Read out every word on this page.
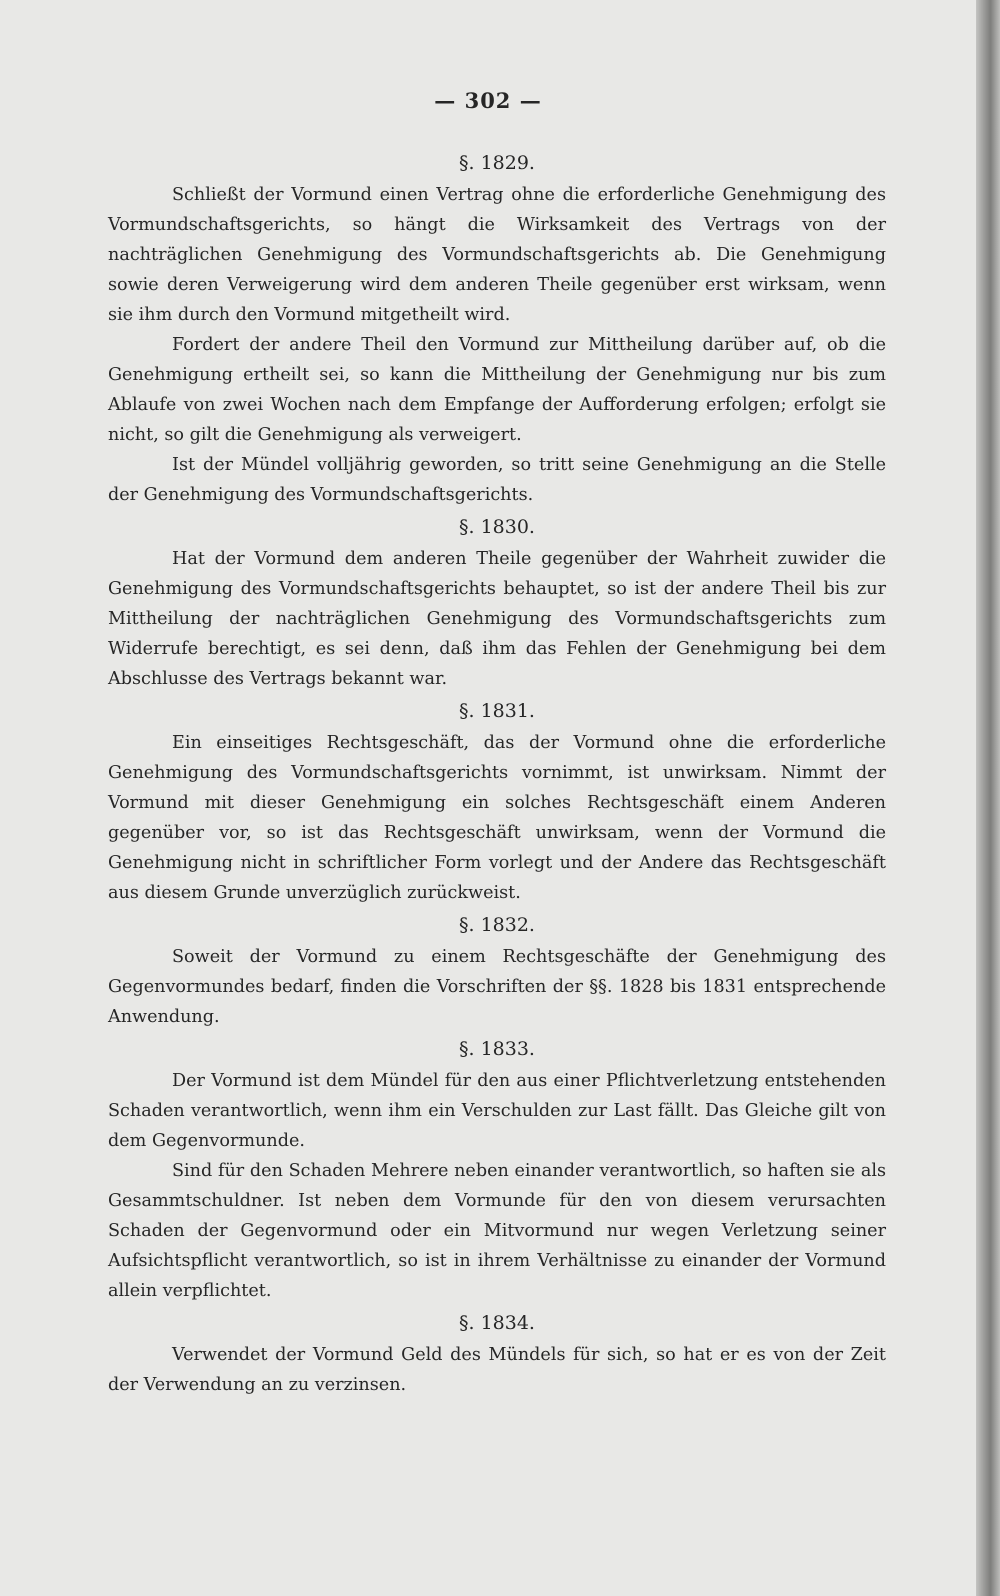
— 302 —
§. 1829.

Schließt der Vormund einen Vertrag ohne die erforderliche Genehmigung des Vormundschaftsgerichts, so hängt die Wirksamkeit des Vertrags von der nachträglichen Genehmigung des Vormundschaftsgerichts ab. Die Genehmigung sowie deren Verweigerung wird dem anderen Theile gegenüber erst wirksam, wenn sie ihm durch den Vormund mitgetheilt wird.

Fordert der andere Theil den Vormund zur Mittheilung darüber auf, ob die Genehmigung ertheilt sei, so kann die Mittheilung der Genehmigung nur bis zum Ablaufe von zwei Wochen nach dem Empfange der Aufforderung erfolgen; erfolgt sie nicht, so gilt die Genehmigung als verweigert.

Ist der Mündel volljährig geworden, so tritt seine Genehmigung an die Stelle der Genehmigung des Vormundschaftsgerichts.

§. 1830.

Hat der Vormund dem anderen Theile gegenüber der Wahrheit zuwider die Genehmigung des Vormundschaftsgerichts behauptet, so ist der andere Theil bis zur Mittheilung der nachträglichen Genehmigung des Vormundschaftsgerichts zum Widerrufe berechtigt, es sei denn, daß ihm das Fehlen der Genehmigung bei dem Abschlusse des Vertrags bekannt war.

§. 1831.

Ein einseitiges Rechtsgeschäft, das der Vormund ohne die erforderliche Genehmigung des Vormundschaftsgerichts vornimmt, ist unwirksam. Nimmt der Vormund mit dieser Genehmigung ein solches Rechtsgeschäft einem Anderen gegenüber vor, so ist das Rechtsgeschäft unwirksam, wenn der Vormund die Genehmigung nicht in schriftlicher Form vorlegt und der Andere das Rechtsgeschäft aus diesem Grunde unverzüglich zurückweist.

§. 1832.

Soweit der Vormund zu einem Rechtsgeschäfte der Genehmigung des Gegenvormundes bedarf, finden die Vorschriften der §§. 1828 bis 1831 entsprechende Anwendung.

§. 1833.

Der Vormund ist dem Mündel für den aus einer Pflichtverletzung entstehenden Schaden verantwortlich, wenn ihm ein Verschulden zur Last fällt. Das Gleiche gilt von dem Gegenvormunde.

Sind für den Schaden Mehrere neben einander verantwortlich, so haften sie als Gesammtschuldner. Ist neben dem Vormunde für den von diesem verursachten Schaden der Gegenvormund oder ein Mitvormund nur wegen Verletzung seiner Aufsichtspflicht verantwortlich, so ist in ihrem Verhältnisse zu einander der Vormund allein verpflichtet.

§. 1834.

Verwendet der Vormund Geld des Mündels für sich, so hat er es von der Zeit der Verwendung an zu verzinsen.
